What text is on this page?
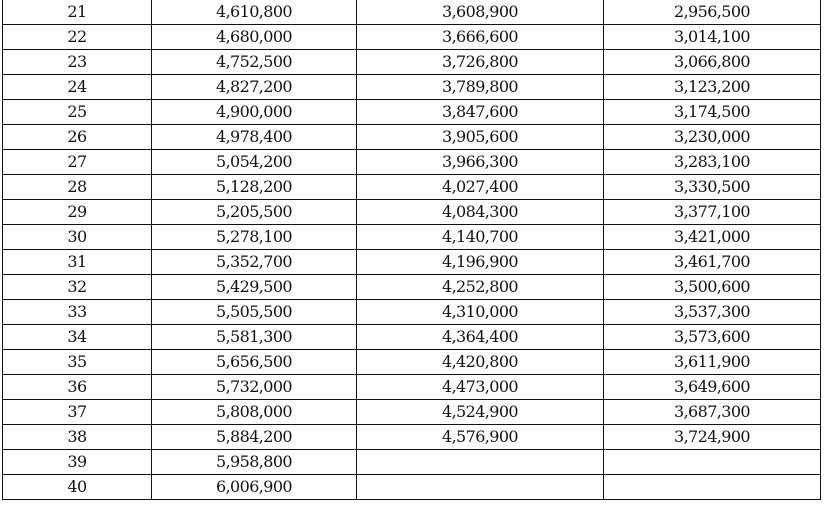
21	4,610,800	3,608,900	2,956,500
22	4,680,000	3,666,600	3,014,100
23	4,752,500	3,726,800	3,066,800
24	4,827,200	3,789,800	3,123,200
25	4,900,000	3,847,600	3,174,500
26	4,978,400	3,905,600	3,230,000
27	5,054,200	3,966,300	3,283,100
28	5,128,200	4,027,400	3,330,500
29	5,205,500	4,084,300	3,377,100
30	5,278,100	4,140,700	3,421,000
31	5,352,700	4,196,900	3,461,700
32	5,429,500	4,252,800	3,500,600
33	5,505,500	4,310,000	3,537,300
34	5,581,300	4,364,400	3,573,600
35	5,656,500	4,420,800	3,611,900
36	5,732,000	4,473,000	3,649,600
37	5,808,000	4,524,900	3,687,300
38	5,884,200	4,576,900	3,724,900
39	5,958,800		
40	6,006,900		
